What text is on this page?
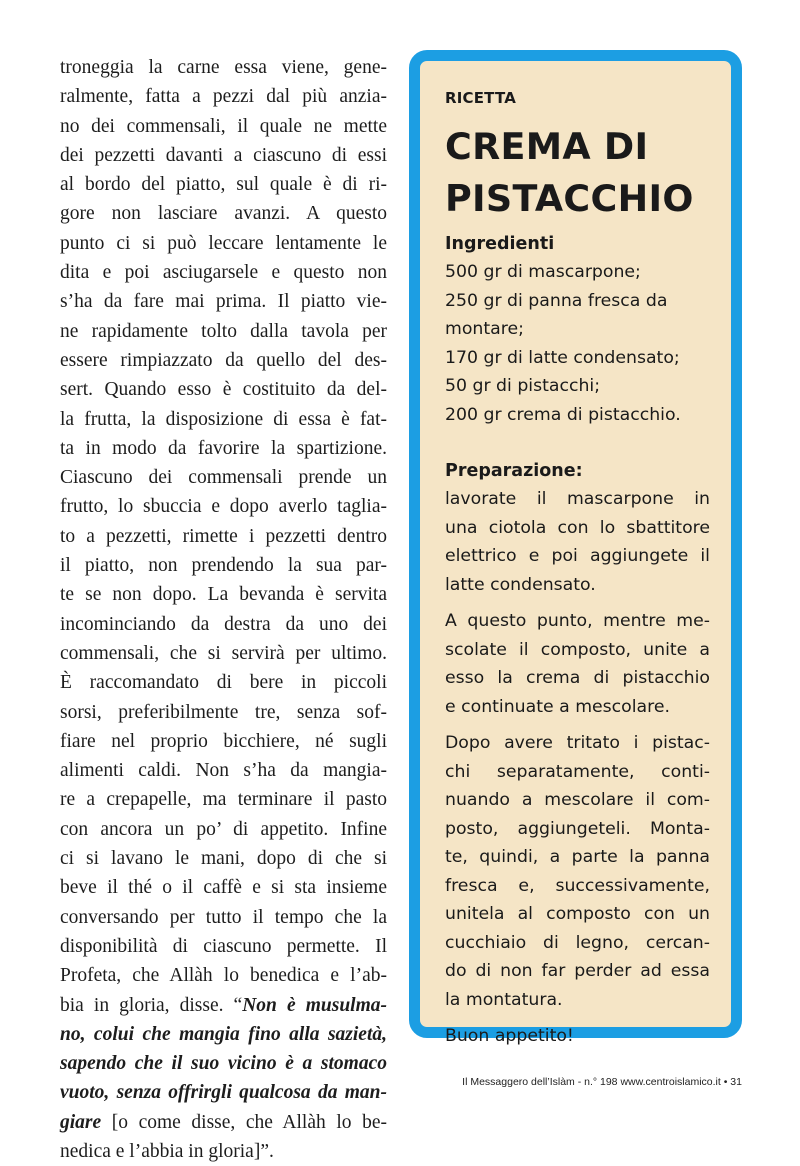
troneggia la carne essa viene, gene-
ralmente, fatta a pezzi dal più anzia-
no dei commensali, il quale ne mette
dei pezzetti davanti a ciascuno di essi
al bordo del piatto, sul quale è di ri-
gore non lasciare avanzi. A questo
punto ci si può leccare lentamente le
dita e poi asciugarsele e questo non
s’ha da fare mai prima. Il piatto vie-
ne rapidamente tolto dalla tavola per
essere rimpiazzato da quello del des-
sert. Quando esso è costituito da del-
la frutta, la disposizione di essa è fat-
ta in modo da favorire la spartizione.
Ciascuno dei commensali prende un
frutto, lo sbuccia e dopo averlo taglia-
to a pezzetti, rimette i pezzetti dentro
il piatto, non prendendo la sua par-
te se non dopo. La bevanda è servita
incominciando da destra da uno dei
commensali, che si servirà per ultimo.
È raccomandato di bere in piccoli
sorsi, preferibilmente tre, senza sof-
fiare nel proprio bicchiere, né sugli
alimenti caldi. Non s’ha da mangia-
re a crepapelle, ma terminare il pasto
con ancora un po’ di appetito. Infine
ci si lavano le mani, dopo di che si
beve il thé o il caffè e si sta insieme
conversando per tutto il tempo che la
disponibilità di ciascuno permette. Il
Profeta, che Allàh lo benedica e l’ab-
bia in gloria, disse. “Non è musulma-
no, colui che mangia fino alla sazietà,
sapendo che il suo vicino è a stomaco
vuoto, senza offrirgli qualcosa da man-
giare [o come disse, che Allàh lo be-
nedica e l’abbia in gloria]”.
RICETTA
CREMA DI
PISTACCHIO
Ingredienti
500 gr di mascarpone;
250 gr di panna fresca da
montare;
170 gr di latte condensato;
50 gr di pistacchi;
200 gr crema di pistacchio.
Preparazione:
lavorate il mascarpone in
una ciotola con lo sbattitore
elettrico e poi aggiungete il
latte condensato.
A questo punto, mentre me-
scolate il composto, unite a
esso la crema di pistacchio
e continuate a mescolare.
Dopo avere tritato i pistac-
chi separatamente, conti-
nuando a mescolare il com-
posto, aggiungeteli. Monta-
te, quindi, a parte la panna
fresca e, successivamente,
unitela al composto con un
cucchiaio di legno, cercan-
do di non far perder ad essa
la montatura.
Buon appetito!
Il Messaggero dell’Islàm - n.° 198 www.centroislamico.it • 31
